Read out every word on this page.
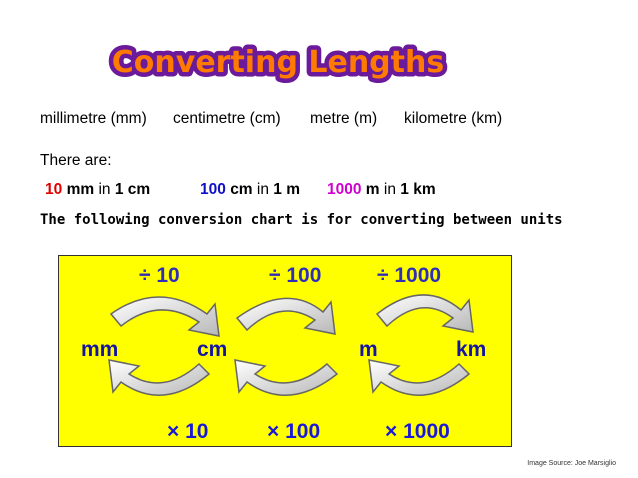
Converting Lengths
millimetre (mm) centimetre (cm) metre (m) kilometre (km)
There are:
10 mm in 1 cm	100 cm in 1 m 1000 m in 1 km
The following conversion chart is for converting between units
÷ 10	÷ 100	÷ 1000
mm	cm	m	km
× 10	× 100	× 1000
Image Source: Joe Marsiglio
